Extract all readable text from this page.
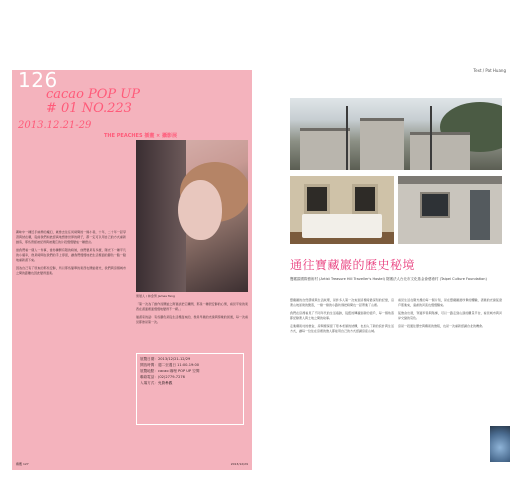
126
cacao POP UP
# 01 NO.223
2013.12.21-29
THE PEACHES 插畫 × 攝影展

趣味中一種近乎純粹的魔幻，就像去往任何時間的一條小巷，十年，二十年一起學習與結在藝，從前我們如此認真地想像世界的樣子，都一定可以用自己的方式重新創造，那些曾經被記得與被遺忘的片段慢慢變成一種語言。

當我們看一個人一件事，當你攤開有限的時候，他們要是有多麼，陽光下一種平凡的小確幸，像是時間在我們的手上停留，讓我們慢慢地把生活裡面的顏色一點一點地重新畫下來。

因為自己有了原來的那些安靜，所以那些簡單的東西也開始發光，我們與這個城市之間的距離也因此變得溫柔。

策展人 / 林金男 James Teng

「第一次為了創作而開始之際嘗試把它攤開，那是一種很安靜的心情，看見平常的東西在畫面裡面慢慢地變得不一樣。」

插畫家的話：有些顏色是從生活裡面來的，像是早晨的光線與傍晚的街道，每一次看見都像是第一次。

展覽日期：2013/12/21-12/29
開放時間：週二至週日 11:00-19:00
展覽地點：cacao 咖哩 POP UP 空間
聯絡電話：(02)2779-7276
入場方式：免費參觀
藝饗 127	2013/12/29
Text / Pat Huang
通往寶藏巖的歷史秘境
寶藏巖國際藝術村 (Artist Treasure Hill Traveller's Hostel) 財團法人台北市文化基金會藝術村 (Taipei Culture Foundation)

寶藏巖的自然環境與生活紋理，是許多人第一次來到這裡時最深刻的記憶，沿著山坡而建的聚落，一條一條的小路彷彿把時間也一起帶進了山裡。

我們在這裡看見了不同年代的生活痕跡，從舊的磚牆到新的窗戶，每一個角落都記錄著人與土地之間的故事。

走進藝術村的旅舍，房間裡保留了原本老屋的結構，也加入了新的設計與生活方式，讓每一位住在這裡的旅人都能用自己的方式認識這座山城。

看見生活在陽光裡的每一個片刻，是在寶藏巖最珍貴的體驗，清晨的光線從窗戶照進來，遠處的河流也慢慢醒來。

從旅舍出發，穿過窄巷與階梯，可以一路走到山頂的觀景平台，看見城市與河岸交織的景色。

這是一段通往歷史與藝術的旅程，也是一次重新認識台北的機會。
